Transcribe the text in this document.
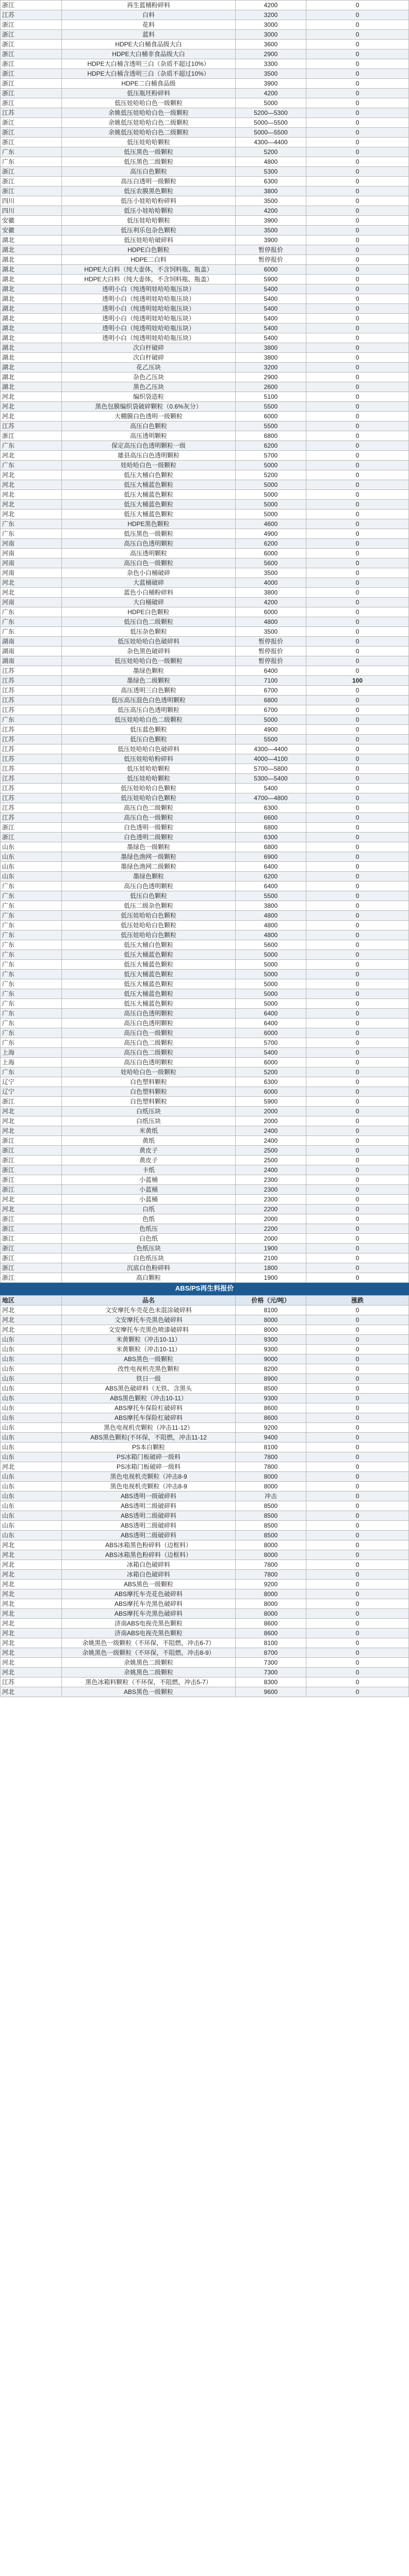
浙江	再生蓝桶粉碎料	4200	0
江苏	白料	3200	0
浙江	花料	3000	0
浙江	蓝料	3000	0
浙江	HDPE大白桶食品级大白	3600	0
浙江	HDPE大白桶非食品级大白	2900	0
浙江	HDPE大白桶含透明三白（杂质不超过10%）	3300	0
浙江	HDPE大白桶含透明三白（杂质不超过10%）	3500	0
浙江	HDPE二白桶食品级	3900	0
浙江	低压瓶坯粉碎料	4200	0
浙江	低压娃哈哈白色一级颗粒	5000	0
江苏	余姚低压娃哈哈白色一级颗粒	5200—5300	0
浙江	余姚低压娃哈哈白色二级颗粒	5000—5500	0
浙江	余姚低压娃哈哈白色二级颗粒	5000—5500	0
浙江	低压娃哈哈颗粒	4300—4400	0
广东	低压黑色一级颗粒	5200	0
广东	低压黑色二级颗粒	4800	0
浙江	高压白色颗粒	5300	0
浙江	高压白透明一级颗粒	6300	0
浙江	低压农膜黑色颗粒	3800	0
四川	低压小娃哈哈粉碎料	3500	0
四川	低压小娃哈哈颗粒	4200	0
安徽	低压娃哈哈颗粒	3900	0
安徽	低压利乐包杂色颗粒	3500	0
湖北	低压娃哈哈破碎料	3900	0
湖北	HDPE白色颗粒	暂停报价	0
湖北	HDPE二白料	暂停报价	0
湖北	HDPE大白料（纯大壶体，不含饲料瓶、瓶盖）	6000	0
湖北	HDPE大白料（纯大壶体，不含饲料瓶、瓶盖）	5900	0
湖北	透明小白（纯透明娃哈哈瓶压块）	5400	0
湖北	透明小白（纯透明娃哈哈瓶压块）	5400	0
湖北	透明小白（纯透明娃哈哈瓶压块）	5400	0
湖北	透明小白（纯透明娃哈哈瓶压块）	5400	0
湖北	透明小白（纯透明娃哈哈瓶压块）	5400	0
湖北	透明小白（纯透明娃哈哈瓶压块）	5400	0
湖北	次白杆破碎	3800	0
湖北	次白杆破碎	3800	0
湖北	花乙压块	3200	0
湖北	杂色乙压块	2900	0
湖北	黑色乙压块	2600	0
河北	编织袋造粒	5100	0
河北	黑色包膜编织袋破碎颗粒（0.6%灰分）	5500	0
河北	大棚膜白色透明一级颗粒	6000	0
江苏	高压白色颗粒	5500	0
浙江	高压透明颗粒	6800	0
广东	保定高压白色透明颗粒一级	6200	0
河北	雄县高压白色透明颗粒	5700	0
广东	娃哈哈白色一级颗粒	5000	0
河北	低压大桶白色颗粒	5200	0
河北	低压大桶蓝色颗粒	5000	0
河北	低压大桶蓝色颗粒	5000	0
河北	低压大桶蓝色颗粒	5000	0
河北	低压大桶蓝色颗粒	5000	0
广东	HDPE黑色颗粒	4600	0
广东	低压黑色一级颗粒	4900	0
河南	高压白色透明颗粒	6200	0
河南	高压透明颗粒	6000	0
河南	高压白色一级颗粒	5600	0
河南	杂色小白桶破碎	3500	0
河北	大蓝桶破碎	4000	0
河北	蓝色小白桶粉碎料	3800	0
河南	大白桶破碎	4200	0
广东	HDPE白色颗粒	6000	0
广东	低压白色二级颗粒	4800	0
广东	低压杂色颗粒	3500	0
湖南	低压娃哈哈白色破碎料	暂停报价	0
湖南	杂色黑色破碎料	暂停报价	0
湖南	低压娃哈哈白色一级颗粒	暂停报价	0
江苏	墨绿色颗粒	6400	0
江苏	墨绿色二级颗粒	7100	100
江苏	高压透明三白色颗粒	6700	0
江苏	低压高压混色白色透明颗粒	6800	0
江苏	低压高压白色透明颗粒	6700	0
广东	低压娃哈哈白色二级颗粒	5000	0
江苏	低压蓝色颗粒	4900	0
江苏	低压白色颗粒	5500	0
江苏	低压娃哈哈白色破碎料	4300—4400	0
江苏	低压娃哈哈粉碎料	4000—4100	0
江苏	低压娃哈哈颗粒	5700—5800	0
江苏	低压娃哈哈颗粒	5300—5400	0
江苏	低压娃哈哈白色颗粒	5400	0
江苏	低压娃哈哈白色颗粒	4700—4800	0
江苏	高压白色二级颗粒	6300	0
江苏	高压白色一级颗粒	6600	0
浙江	白色透明一级颗粒	6800	0
浙江	白色透明二级颗粒	6300	0
山东	墨绿色一级颗粒	6800	0
山东	墨绿色渔网一级颗粒	6900	0
山东	墨绿色渔网二级颗粒	6400	0
山东	墨绿色颗粒	6200	0
广东	高压白色透明颗粒	6400	0
广东	低压白色颗粒	5500	0
广东	低压二级杂色颗粒	3800	0
广东	低压娃哈哈白色颗粒	4800	0
广东	低压娃哈哈白色颗粒	4800	0
广东	低压娃哈哈白色颗粒	4800	0
广东	低压大桶白色颗粒	5600	0
广东	低压大桶蓝色颗粒	5000	0
广东	低压大桶蓝色颗粒	5000	0
广东	低压大桶蓝色颗粒	5000	0
广东	低压大桶蓝色颗粒	5000	0
广东	低压大桶蓝色颗粒	5000	0
广东	低压大桶蓝色颗粒	5000	0
广东	高压白色透明颗粒	6400	0
广东	高压白色透明颗粒	6400	0
广东	高压白色一级颗粒	6000	0
广东	高压白色二级颗粒	5700	0
上海	高压白色二级颗粒	5400	0
上海	高压白色透明颗粒	6000	0
广东	娃哈哈白色一级颗粒	5200	0
辽宁	白色塑料颗粒	6300	0
辽宁	白色塑料颗粒	6000	0
浙江	白色塑料颗粒	5900	0
河北	白纸压块	2000	0
河北	白纸压块	2000	0
河北	米黄纸	2400	0
浙江	黄纸	2400	0
浙江	黄皮子	2500	0
浙江	黄皮子	2500	0
浙江	卡纸	2400	0
浙江	小蓝桶	2300	0
浙江	小蓝桶	2300	0
河北	小蓝桶	2300	0
河北	白纸	2200	0
浙江	色纸	2000	0
浙江	色纸压	2200	0
浙江	白色纸	2000	0
浙江	色纸压块	1900	0
浙江	白色纸压块	2100	0
浙江	沉底白色粉碎料	1800	0
浙江	高白颗粒	1900	0
ABS/PS再生料报价
地区	品名	价格（元/吨）	涨跌
河北	文安摩托车壳花色未混涂破碎料	8100	0
河北	文安摩托车壳黑色破碎料	8000	0
河北	文安摩托车壳黑色喷漆破碎料	8000	0
山东	米黄颗粒（冲击10-11）	9300	0
山东	米黄颗粒（冲击10-11）	9300	0
山东	ABS黑色一级颗粒	9000	0
山东	改性电视机壳黑色颗粒	8200	0
山东	铁日一级	8900	0
山东	ABS黑色破碎料（无铁、含黑头	8500	0
山东	ABS黑色颗粒（冲击10-11）	9300	0
山东	ABS摩托车保险杠破碎料	8600	0
山东	ABS摩托车保险杠破碎料	8600	0
山东	黑色电视机壳颗粒（冲击11-12）	9200	0
山东	ABS黑色颗粒(不环保，不阻燃，冲击11-12	9400	0
山东	PS本白颗粒	8100	0
山东	PS冰箱门板破碎一级料	7800	0
河北	PS冰箱门板破碎一级料	7800	0
山东	黑色电视机壳颗粒（冲击8-9	8000	0
山东	黑色电视机壳颗粒（冲击8-9	8000	0
山东	ABS透明一级破碎料	冲击	0
山东	ABS透明二级破碎料	8500	0
山东	ABS透明二级破碎料	8500	0
山东	ABS透明二级破碎料	8500	0
山东	ABS透明二级破碎料	8500	0
河北	ABS冰箱黑色粉碎料（边框料）	8000	0
河北	ABS冰箱黑色粉碎料（边框料）	8000	0
河北	冰箱白色破碎料	7800	0
河北	冰箱白色破碎料	7800	0
河北	ABS黑色一级颗粒	9200	0
河北	ABS摩托车壳花色破碎料	8000	0
河北	ABS摩托车壳黑色破碎料	8000	0
河北	ABS摩托车壳黑色破碎料	8000	0
河北	济南ABS电视壳黑色颗粒	8600	0
河北	济南ABS电视壳黑色颗粒	8600	0
河北	余姚黑色一级颗粒（不环保，不阻燃，冲击6-7）	8100	0
河北	余姚黑色一级颗粒（不环保，不阻燃，冲击8-9）	8700	0
河北	余姚黑色二级颗粒	7300	0
河北	余姚黑色二级颗粒	7300	0
江苏	黑色冰箱料颗粒（不环保，不阻燃，冲击5-7）	8300	0
河北	ABS黑色一级颗粒	9600	0
